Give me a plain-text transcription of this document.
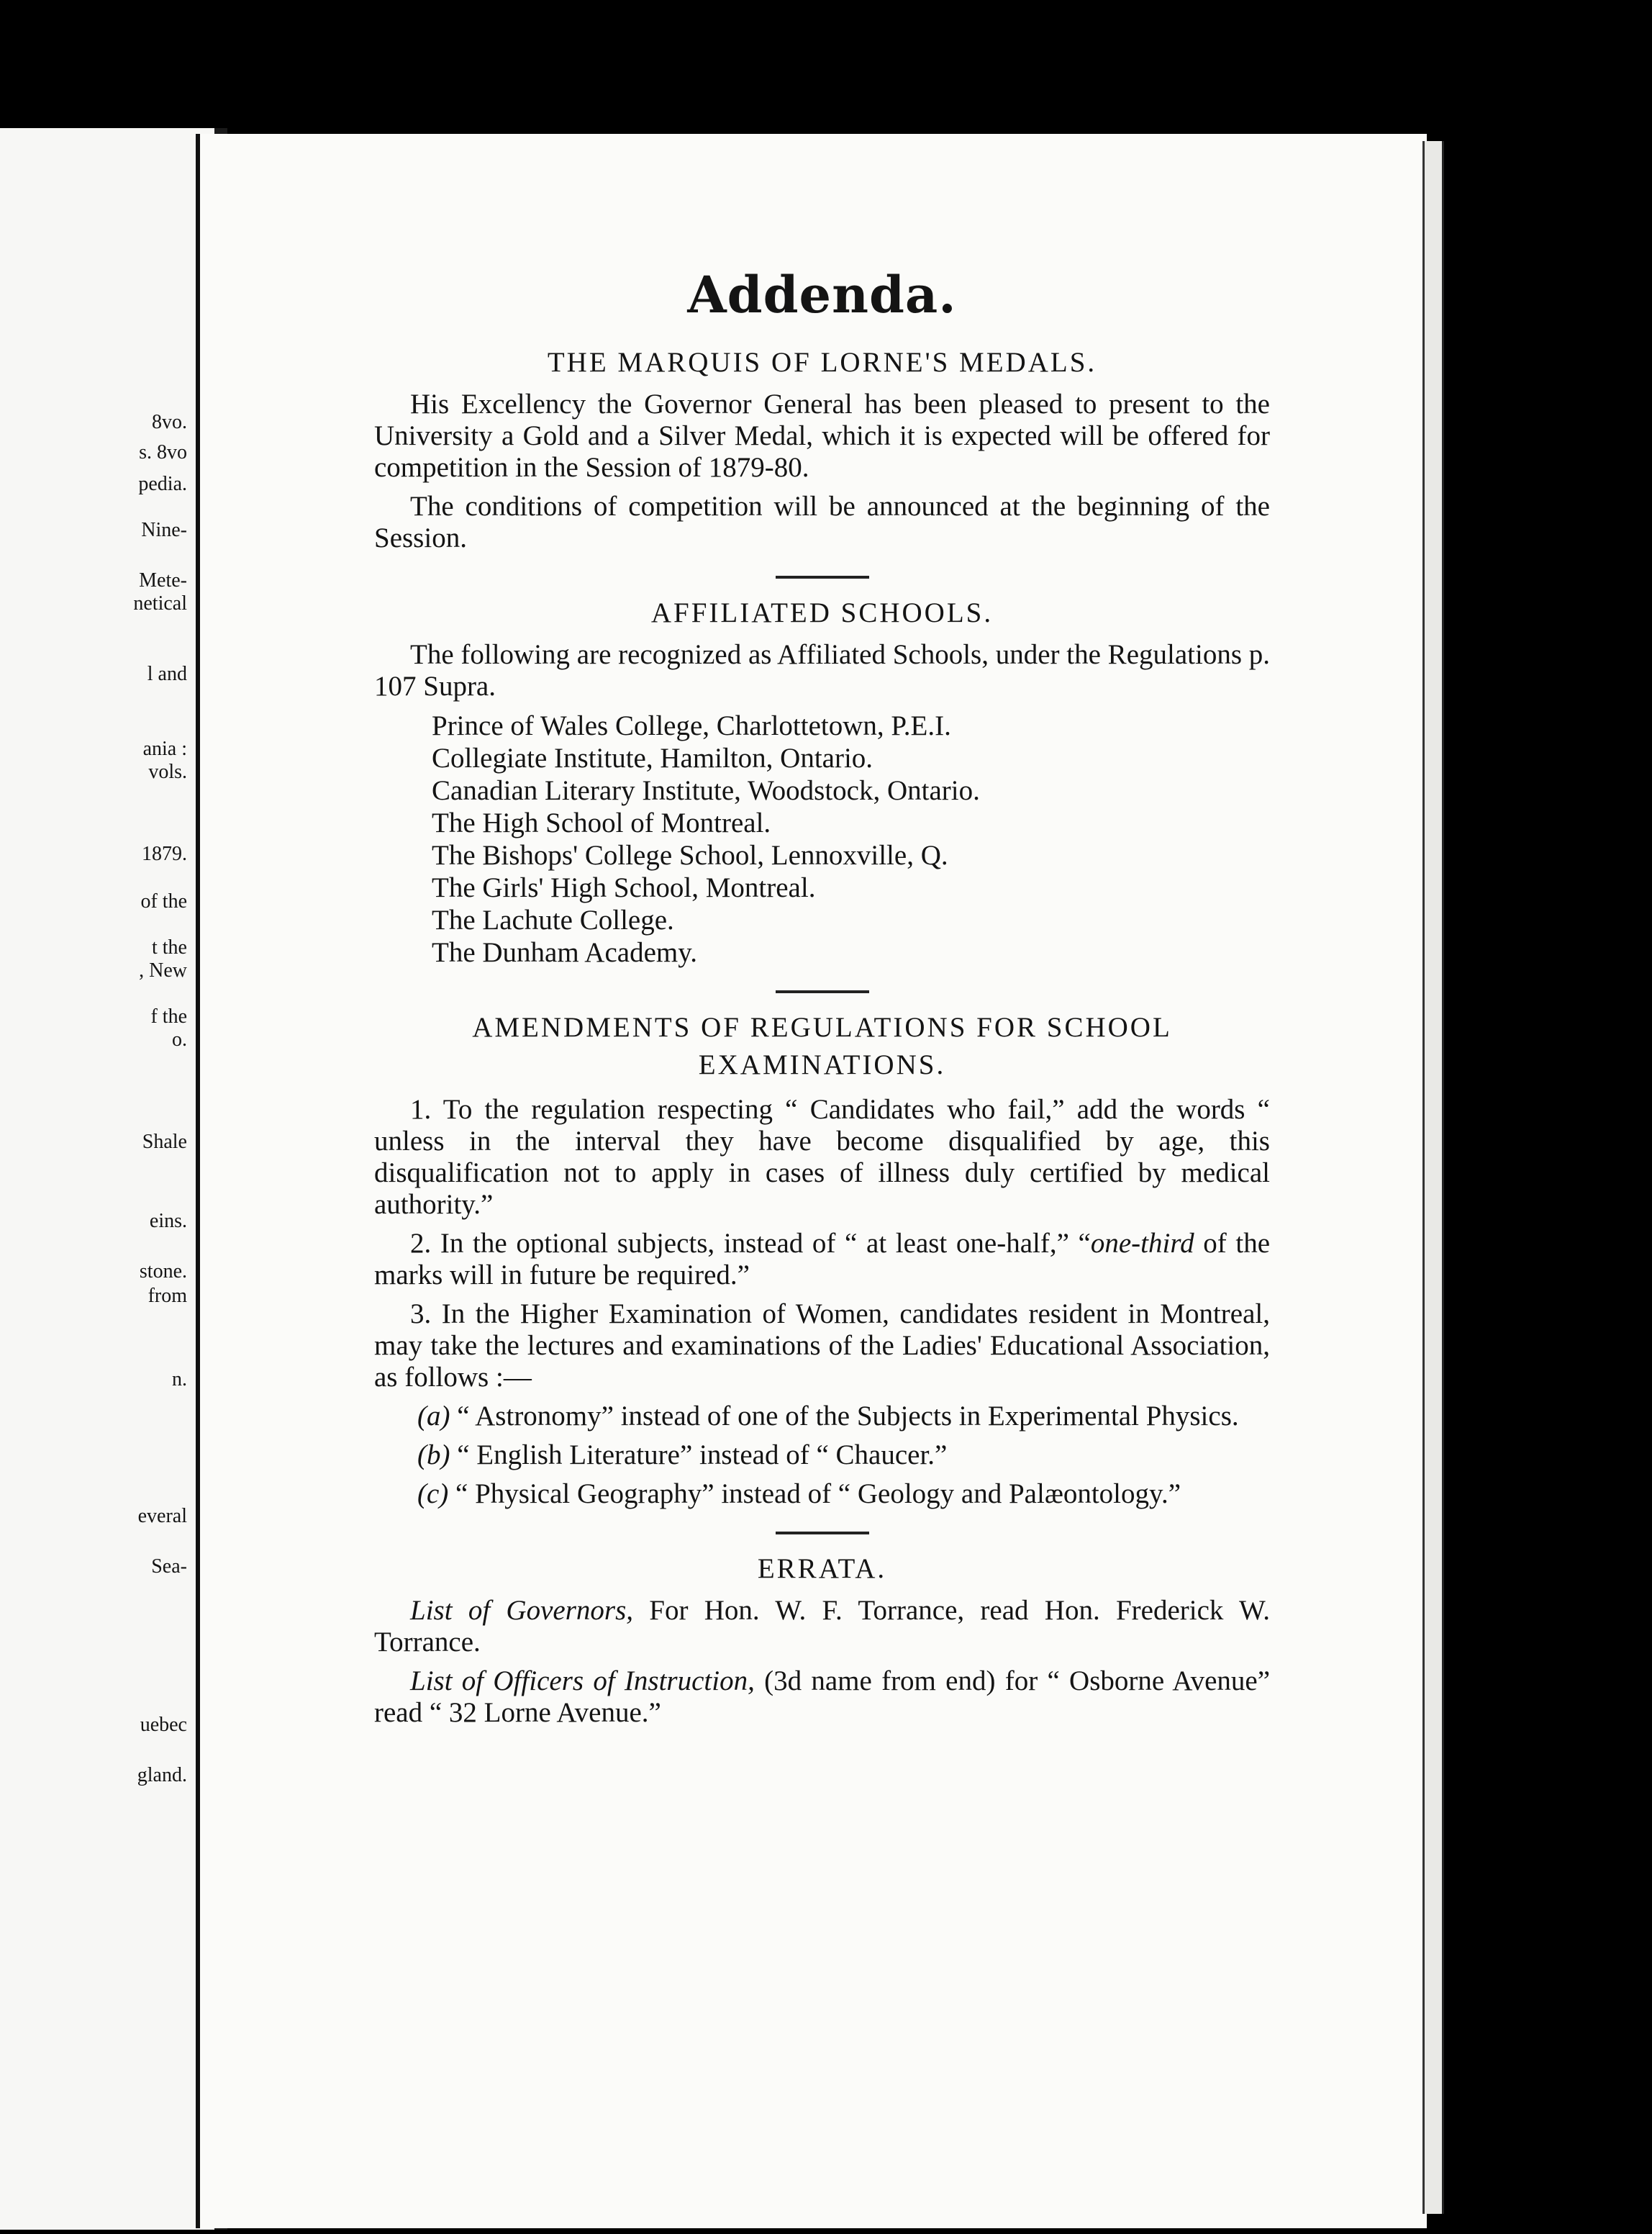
8vo.
s. 8vo
pedia.
Nine-
Mete-
netical
l and
ania :
vols.
1879.
of the
t the
, New
f the
o.
Shale
eins.
stone.
from
n.
everal
Sea-
uebec
gland.
Addenda.
THE MARQUIS OF LORNE'S MEDALS.

His Excellency the Governor General has been pleased to present to the University a Gold and a Silver Medal, which it is expected will be offered for competition in the Session of 1879-80.

The conditions of competition will be announced at the beginning of the Session.

AFFILIATED SCHOOLS.

The following are recognized as Affiliated Schools, under the Regulations p. 107 Supra.

Prince of Wales College, Charlottetown, P.E.I.
Collegiate Institute, Hamilton, Ontario.
Canadian Literary Institute, Woodstock, Ontario.
The High School of Montreal.
The Bishops' College School, Lennoxville, Q.
The Girls' High School, Montreal.
The Lachute College.
The Dunham Academy.
AMENDMENTS OF REGULATIONS FOR SCHOOL
EXAMINATIONS.

1. To the regulation respecting “ Candidates who fail,” add the words “ unless in the interval they have become disqualified by age, this disqualification not to apply in cases of illness duly certified by medical authority.”

2. In the optional subjects, instead of “ at least one-half,” “one-third of the marks will in future be required.”

3. In the Higher Examination of Women, candidates resident in Montreal, may take the lectures and examinations of the Ladies' Educational Association, as follows :—

(a) “ Astronomy” instead of one of the Subjects in Experimental Physics.

(b) “ English Literature” instead of “ Chaucer.”

(c) “ Physical Geography” instead of “ Geology and Palæontology.”

ERRATA.

List of Governors, For Hon. W. F. Torrance, read Hon. Frederick W. Torrance.

List of Officers of Instruction, (3d name from end) for “ Osborne Avenue” read “ 32 Lorne Avenue.”
